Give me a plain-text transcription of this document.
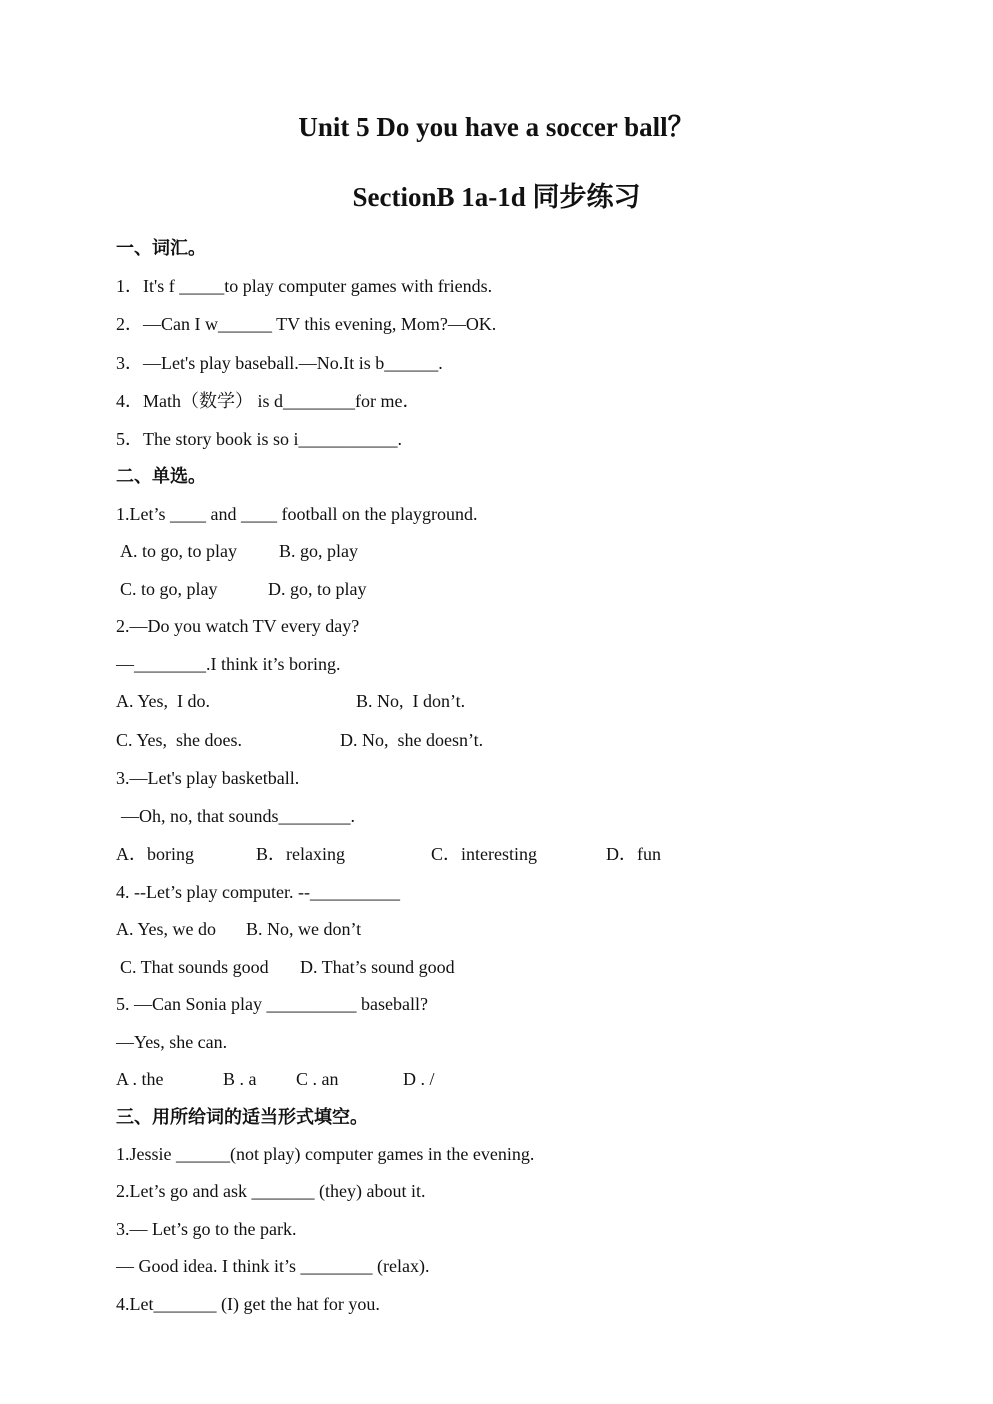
Unit 5 Do you have a soccer ball？
SectionB 1a-1d 同步练习
一、词汇。
1．It's f _____to play computer games with friends.
2．—Can I w______ TV this evening, Mom?—OK.
3．—Let's play baseball.—No.It is b______.
4．Math（数学） is d________for me．
5．The story book is so i___________.
二、单选。
1.Let’s ____ and ____ football on the playground.
A. to go, to play B. go, play
C. to go, play	D. go, to play
2.—Do you watch TV every day?
—________.I think it’s boring.
A. Yes,  I do.	B. No,  I don’t.
C. Yes,  she does.	D. No,  she doesn’t.
3.—Let's play basketball.
—Oh, no, that sounds________.
A．boring	B．relaxing	C．interesting	D．fun
4. --Let’s play computer. --__________
A. Yes, we do B. No, we don’t
C. That sounds good D. That’s sound good
5. —Can Sonia play __________ baseball?
—Yes, she can.
A . the	B . a C . an	D . /
三、用所给词的适当形式填空。
1.Jessie ______(not play) computer games in the evening.
2.Let’s go and ask _______ (they) about it.
3.— Let’s go to the park.
— Good idea. I think it’s ________ (relax).
4.Let_______ (I) get the hat for you.
